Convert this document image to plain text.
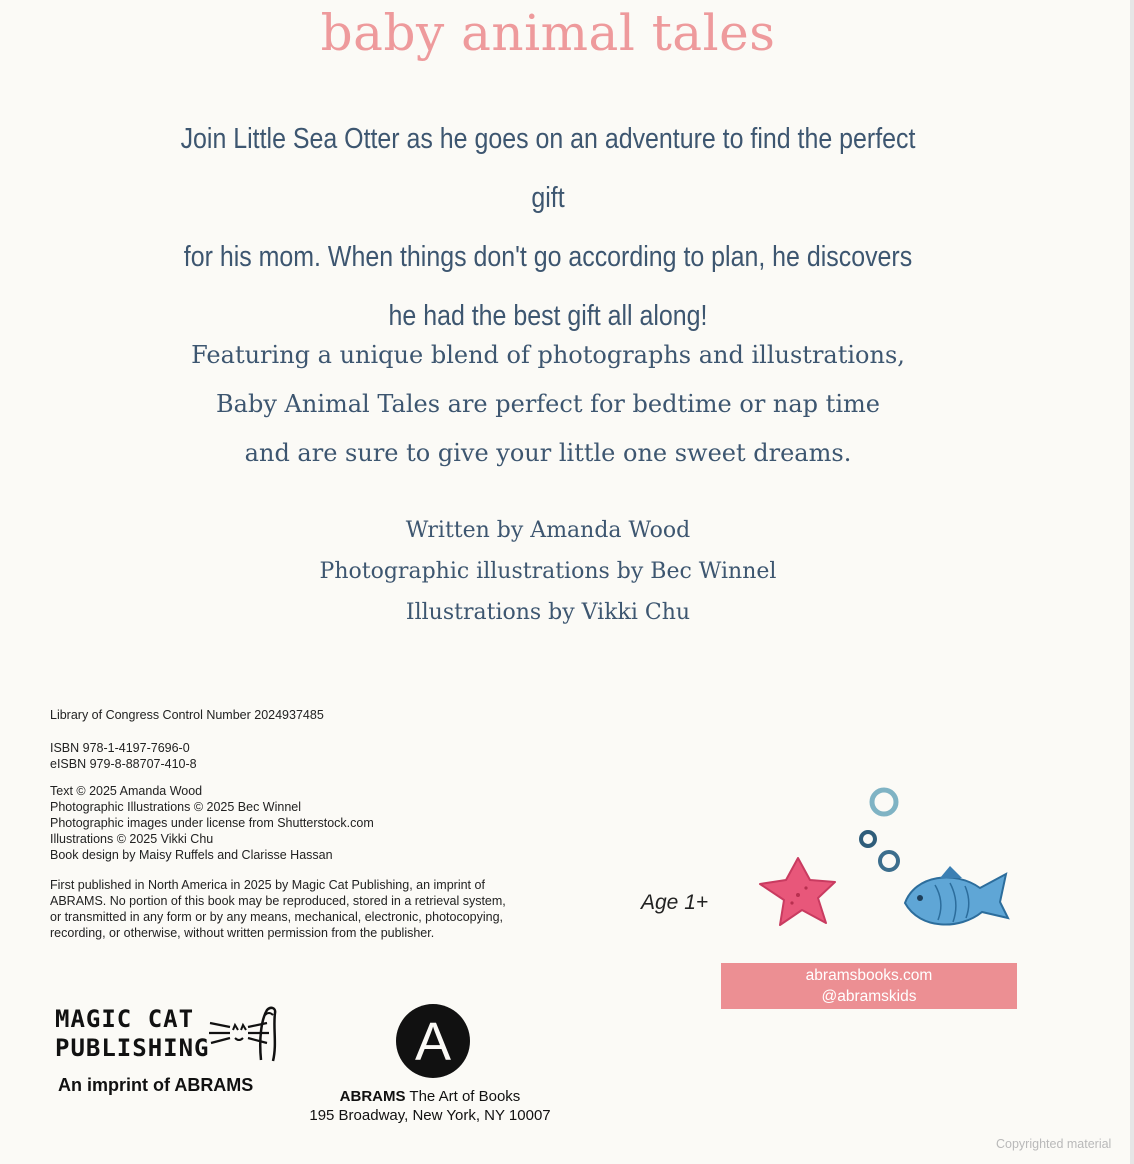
baby animal tales

Join Little Sea Otter as he goes on an adventure to find the perfect gift
for his mom. When things don't go according to plan, he discovers
he had the best gift all along!

Featuring a unique blend of photographs and illustrations,
Baby Animal Tales are perfect for bedtime or nap time
and are sure to give your little one sweet dreams.

Written by Amanda Wood
Photographic illustrations by Bec Winnel
Illustrations by Vikki Chu

Library of Congress Control Number 2024937485

ISBN 978-1-4197-7696-0
eISBN 979-8-88707-410-8

Text © 2025 Amanda Wood
Photographic Illustrations © 2025 Bec Winnel
Photographic images under license from Shutterstock.com
Illustrations © 2025 Vikki Chu
Book design by Maisy Ruffels and Clarisse Hassan

First published in North America in 2025 by Magic Cat Publishing, an imprint of
ABRAMS. No portion of this book may be reproduced, stored in a retrieval system,
or transmitted in any form or by any means, mechanical, electronic, photocopying,
recording, or otherwise, without written permission from the publisher.

Age 1+

abramsbooks.com
@abramskids
MAGIC CAT
PUBLISHING

An imprint of ABRAMS

A

ABRAMS The Art of Books

195 Broadway, New York, NY 10007

Copyrighted material
